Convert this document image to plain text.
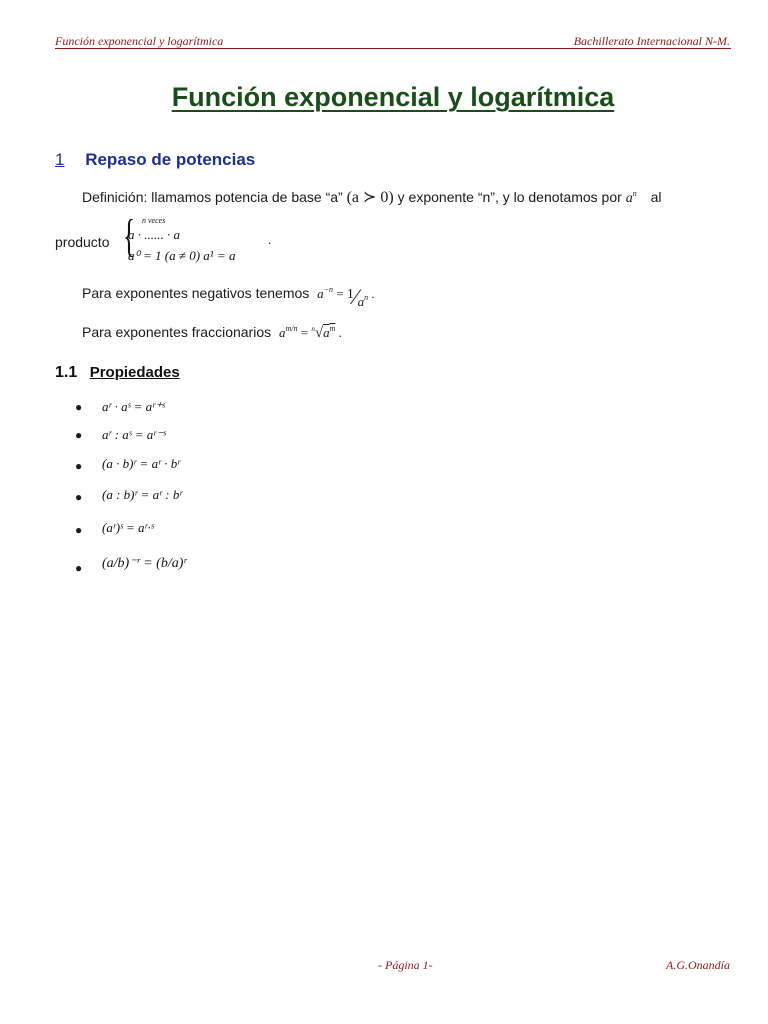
Función exponencial y logarítmica	Bachillerato Internacional N-M.
Función exponencial y logarítmica
1 Repaso de potencias
Definición: llamamos potencia de base “a” (a ≻ 0) y exponente “n”, y lo denotamos por $a^n$ al
producto { n veces
a · ...... · a
a⁰ = 1 (a ≠ 0) a¹ = a
.
Para exponentes negativos tenemos $a^{-n}$ = $1⁄a^n$ .
Para exponentes fraccionarios $a^{m/n} = ^n√a^m$ .
1.1 Propiedades
● aʳ · aˢ = aʳ⁺ˢ
● aʳ : aˢ = aʳ⁻ˢ
● (a · b)ʳ = aʳ · bʳ
● (a : b)ʳ = aʳ : bʳ
● (aʳ)ˢ = aʳ·ˢ
● (a/b)⁻ʳ = (b/a)ʳ
- Página 1-	A.G.Onandía
